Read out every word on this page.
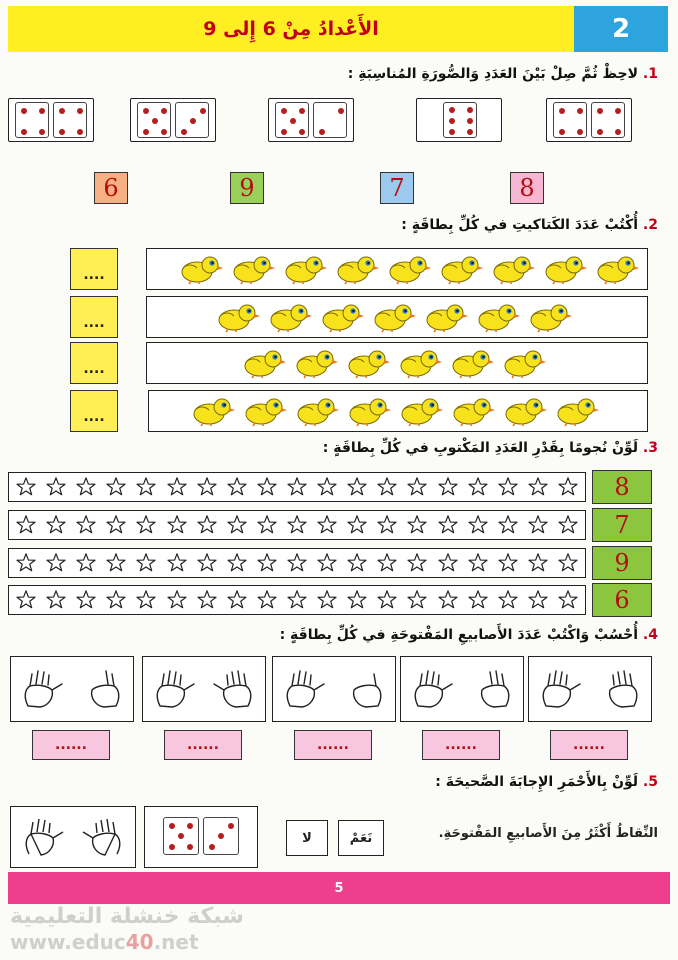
الأَعْدادُ مِنْ 6 إِلى 9	2
1. لاحِظْ ثُمَّ صِلْ بَيْنَ العَدَدِ وَالصُّورَةِ المُناسِبَةِ :
6	9	7	8
2. أُكْتُبْ عَدَدَ الكَتاكيتِ في كُلِّ بِطاقَةٍ :
....
....
....
....
3. لَوِّنْ نُجومًا بِقَدْرِ العَدَدِ المَكْتوبِ في كُلِّ بِطاقَةٍ :
8
7
9
6
4. أُحْسُبْ وَاكْتُبْ عَدَدَ الأَصابيعِ المَفْتوحَةِ في كُلِّ بِطاقَةٍ :
......	......	......	......	......
5. لَوِّنْ بِالأَحْمَرِ الإِجابَةَ الصَّحيحَةَ :
لا	نَعَمْ	النِّقاطُ أَكْثَرُ مِنَ الأَصابيعِ المَفْتوحَةِ.
5
شبكة خنشلة التعليمية
www.educ40.net
